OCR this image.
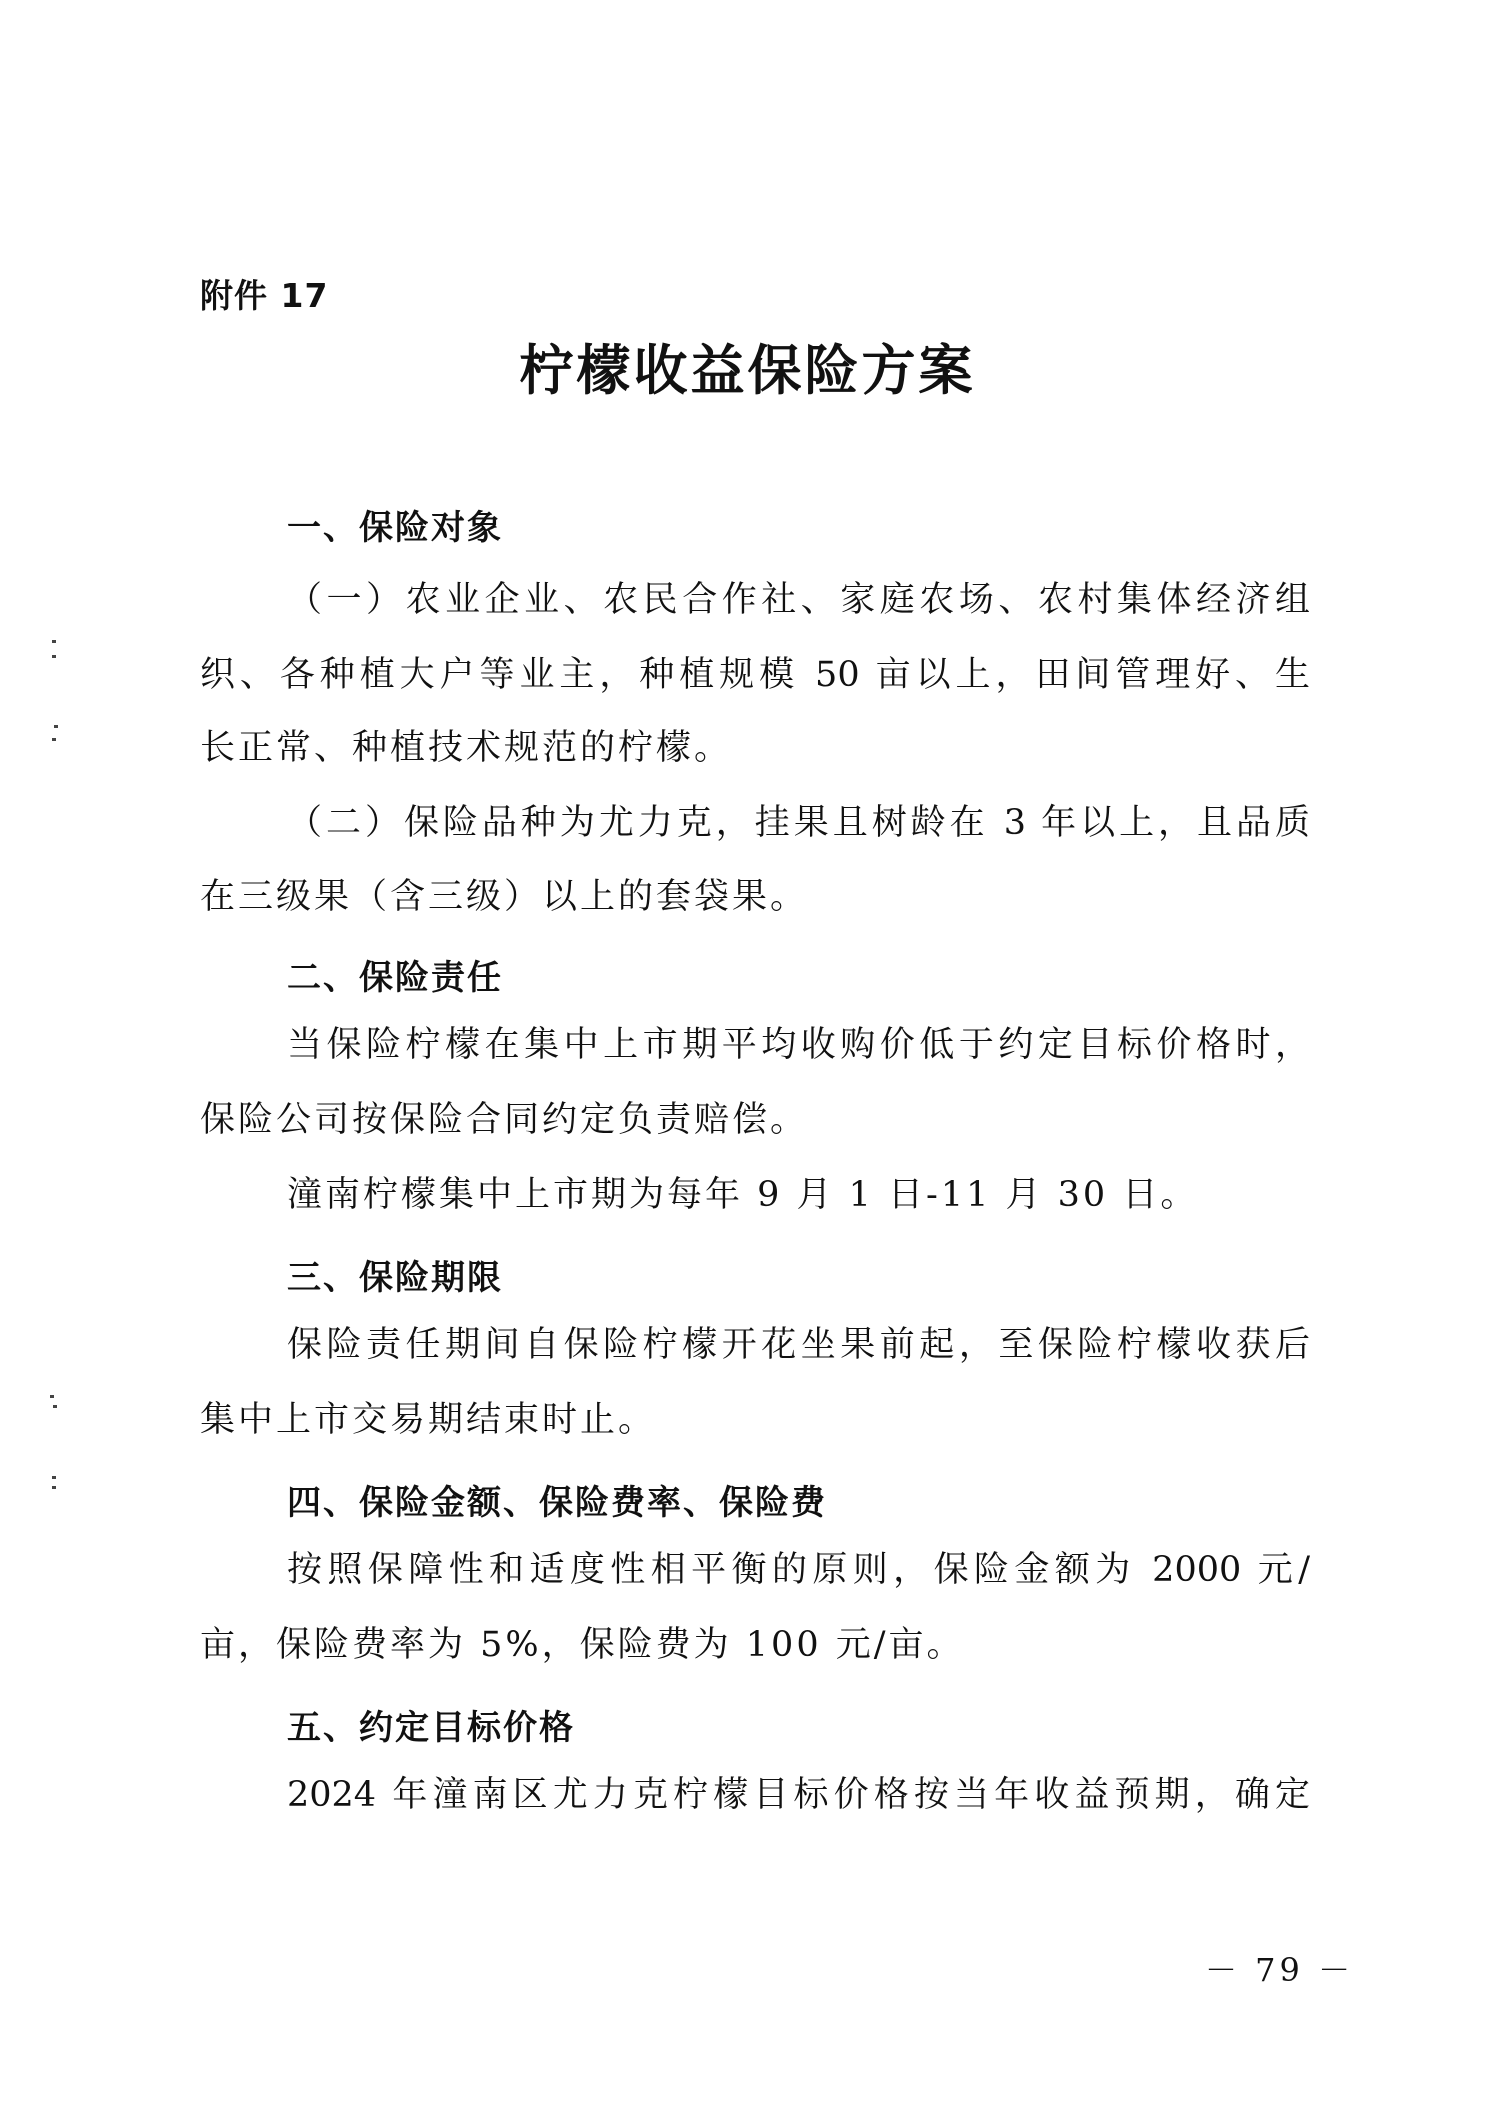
附件 17
柠檬收益保险方案
一、保险对象
（一）农业企业、农民合作社、家庭农场、农村集体经济组
织、各种植大户等业主，种植规模 50 亩以上，田间管理好、生
长正常、种植技术规范的柠檬。
（二）保险品种为尤力克，挂果且树龄在 3 年以上，且品质
在三级果（含三级）以上的套袋果。
二、保险责任
当保险柠檬在集中上市期平均收购价低于约定目标价格时，
保险公司按保险合同约定负责赔偿。
潼南柠檬集中上市期为每年 9 月 1 日-11 月 30 日。
三、保险期限
保险责任期间自保险柠檬开花坐果前起，至保险柠檬收获后
集中上市交易期结束时止。
四、保险金额、保险费率、保险费
按照保障性和适度性相平衡的原则，保险金额为 2000 元/
亩，保险费率为 5%，保险费为 100 元/亩。
五、约定目标价格
2024 年潼南区尤力克柠檬目标价格按当年收益预期，确定
－ 79 －
